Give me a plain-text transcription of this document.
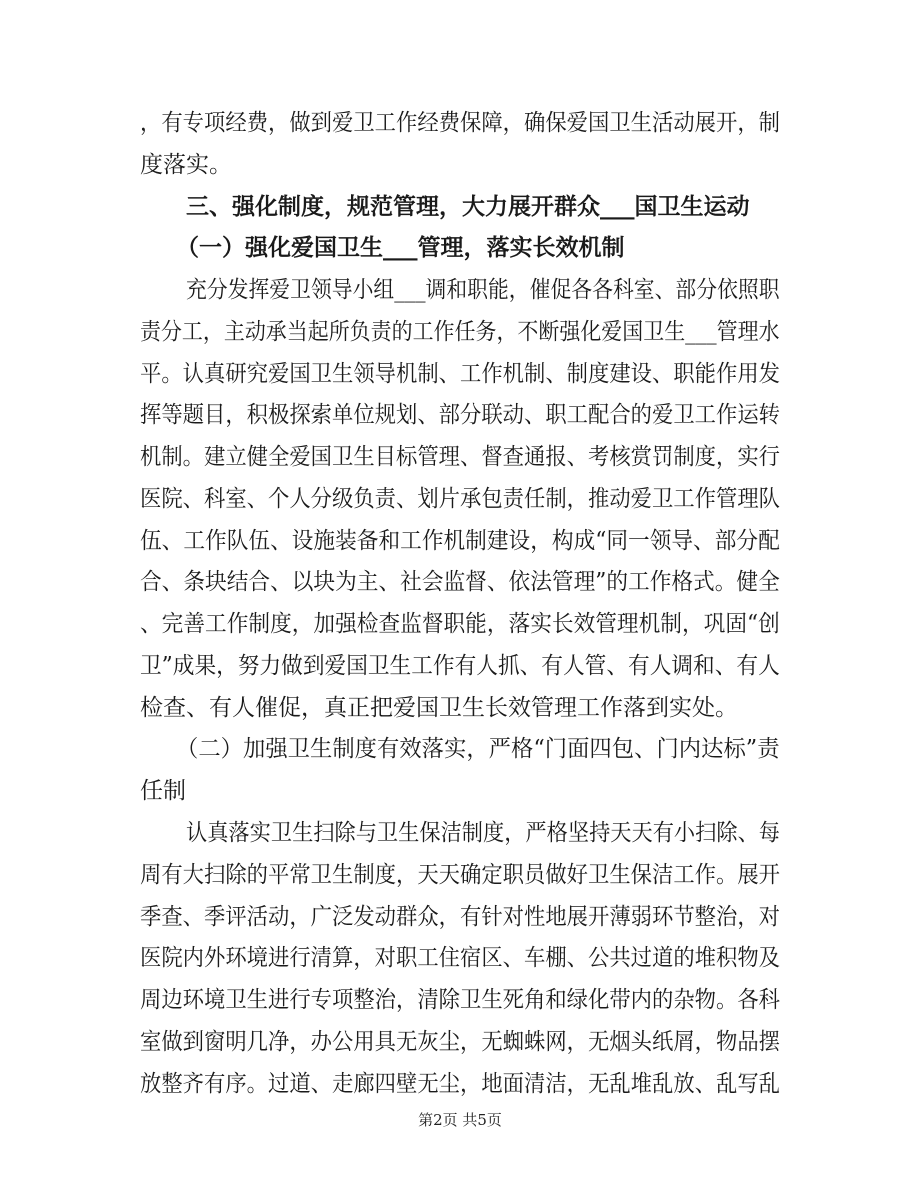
，有专项经费，做到爱卫工作经费保障，确保爱国卫生活动展开，制
度落实。
三、强化制度，规范管理，大力展开群众___国卫生运动
（一）强化爱国卫生___管理，落实长效机制
充分发挥爱卫领导小组___调和职能，催促各各科室、部分依照职
责分工，主动承当起所负责的工作任务，不断强化爱国卫生___管理水
平。认真研究爱国卫生领导机制、工作机制、制度建设、职能作用发
挥等题目，积极探索单位规划、部分联动、职工配合的爱卫工作运转
机制。建立健全爱国卫生目标管理、督查通报、考核赏罚制度，实行
医院、科室、个人分级负责、划片承包责任制，推动爱卫工作管理队
伍、工作队伍、设施装备和工作机制建设，构成“同一领导、部分配
合、条块结合、以块为主、社会监督、依法管理”的工作格式。健全
、完善工作制度，加强检查监督职能，落实长效管理机制，巩固“创
卫”成果，努力做到爱国卫生工作有人抓、有人管、有人调和、有人
检查、有人催促，真正把爱国卫生长效管理工作落到实处。
（二）加强卫生制度有效落实，严格“门面四包、门内达标”责
任制
认真落实卫生扫除与卫生保洁制度，严格坚持天天有小扫除、每
周有大扫除的平常卫生制度，天天确定职员做好卫生保洁工作。展开
季查、季评活动，广泛发动群众，有针对性地展开薄弱环节整治，对
医院内外环境进行清算，对职工住宿区、车棚、公共过道的堆积物及
周边环境卫生进行专项整治，清除卫生死角和绿化带内的杂物。各科
室做到窗明几净，办公用具无灰尘，无蜘蛛网，无烟头纸屑，物品摆
放整齐有序。过道、走廊四壁无尘，地面清洁，无乱堆乱放、乱写乱
第2页 共5页
